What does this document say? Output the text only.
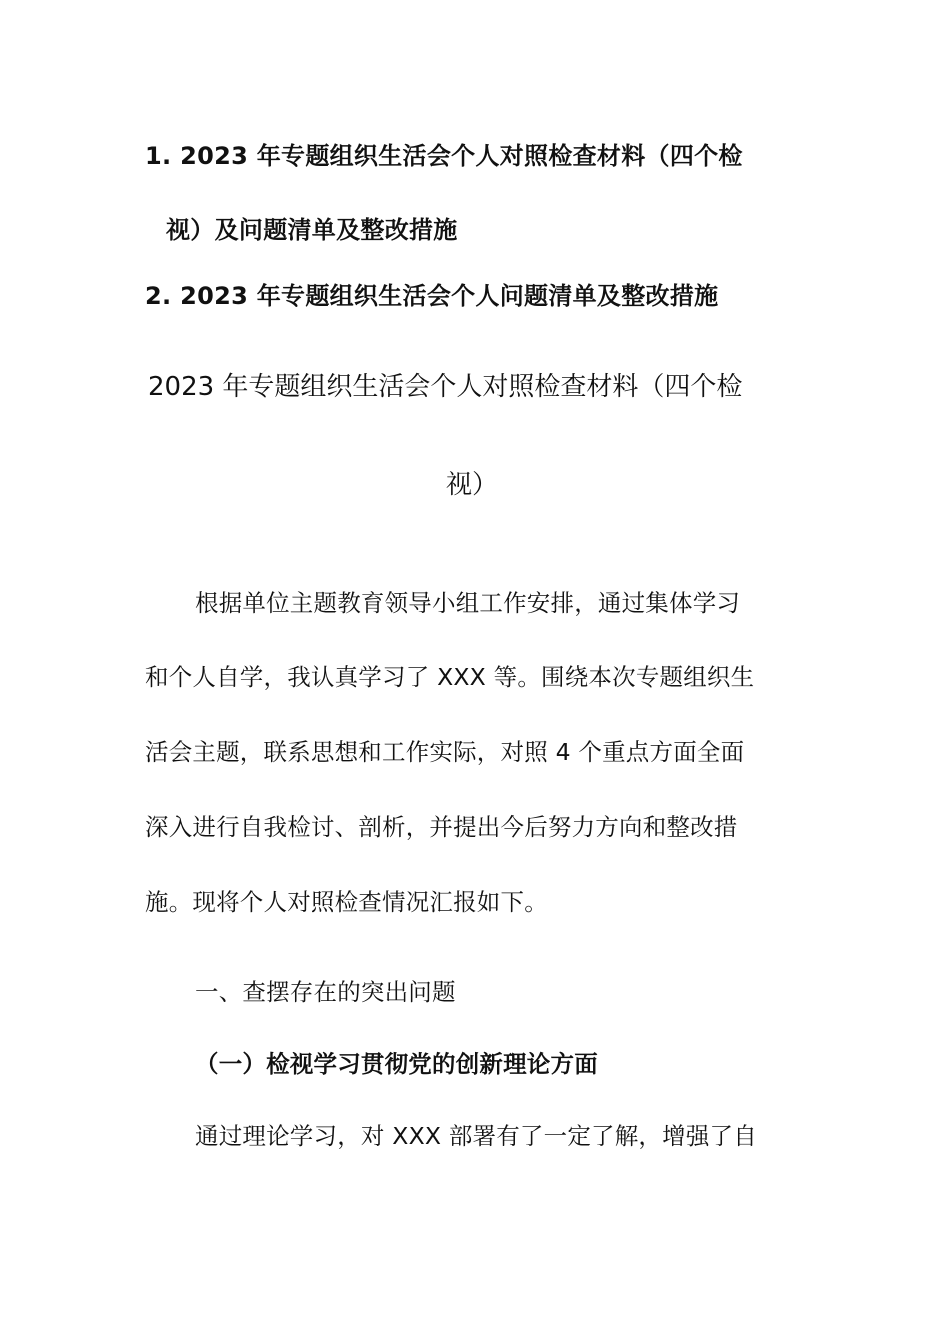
1. 2023 年专题组织生活会个人对照检查材料（四个检
视）及问题清单及整改措施
2. 2023 年专题组织生活会个人问题清单及整改措施
2023 年专题组织生活会个人对照检查材料（四个检
视）
根据单位主题教育领导小组工作安排，通过集体学习
和个人自学，我认真学习了 XXX 等。围绕本次专题组织生
活会主题，联系思想和工作实际，对照 4 个重点方面全面
深入进行自我检讨、剖析，并提出今后努力方向和整改措
施。现将个人对照检查情况汇报如下。
一、查摆存在的突出问题
（一）检视学习贯彻党的创新理论方面
通过理论学习，对 XXX 部署有了一定了解，增强了自
